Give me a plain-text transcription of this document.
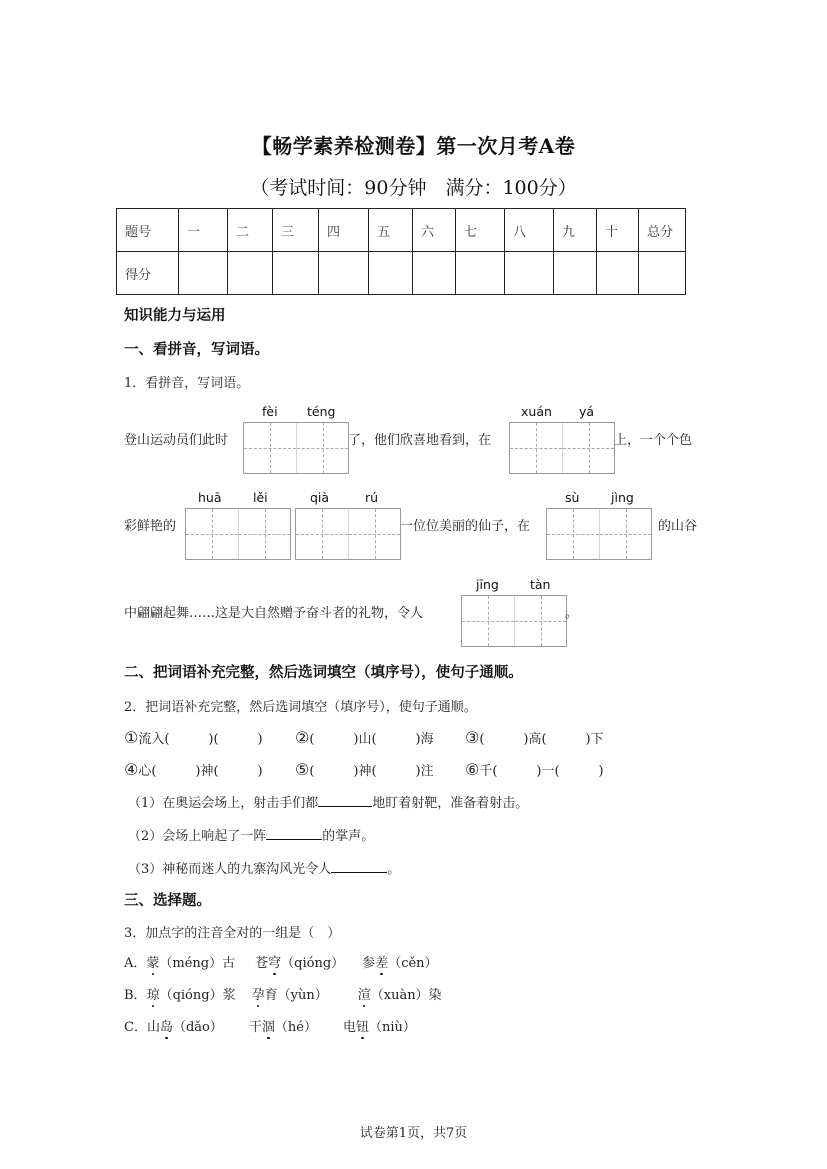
【畅学素养检测卷】第一次月考A卷
（考试时间：90分钟　满分：100分）
题号	一	二	三	四	五	六	七	八	九	十	总分
得分											
知识能力与运用
一、看拼音，写词语。
1．看拼音，写词语。
登山运动员们此时
fèi téng
了，他们欣喜地看到，在
xuán yá
上，一个个色
彩鲜艳的
huā	lěi	qià	rú
一位位美丽的仙子，在
sù	jìng
的山谷
中翩翩起舞……这是大自然赠予奋斗者的礼物，令人
jīng tàn
。
二、把词语补充完整，然后选词填空（填序号），使句子通顺。
2．把词语补充完整，然后选词填空（填序号），使句子通顺。
①流入(　　　)(　　　) ②(　　　)山(　　　)海 ③(　　　)高(　　　)下
④心(　　　)神(　　　) ⑤(　　　)神(　　　)注 ⑥千(　　　)一(　　　)
（1）在奥运会场上，射击手们都	地盯着射靶，准备着射击。
（2）会场上响起了一阵	的掌声。
（3）神秘而迷人的九寨沟风光令人	。
三、选择题。
3．加点字的注音全对的一组是（　）
A．蒙（méng）古 苍穹（qióng） 参差（cěn）
B．琼（qióng）浆 孕育（yùn） 渲（xuàn）染
C．山岛（dǎo） 干涸（hé） 电钮（niù）
试卷第1页，共7页
